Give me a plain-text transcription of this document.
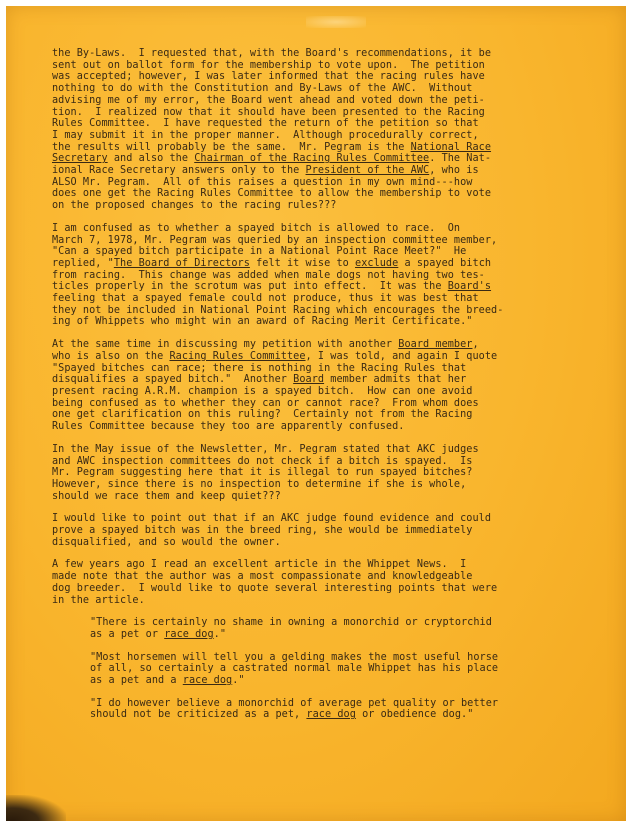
the By-Laws.  I requested that, with the Board's recommendations, it be
sent out on ballot form for the membership to vote upon.  The petition
was accepted; however, I was later informed that the racing rules have
nothing to do with the Constitution and By-Laws of the AWC.  Without
advising me of my error, the Board went ahead and voted down the peti-
tion.  I realized now that it should have been presented to the Racing
Rules Committee.  I have requested the return of the petition so that
I may submit it in the proper manner.  Although procedurally correct,
the results will probably be the same.  Mr. Pegram is the National Race
Secretary and also the Chairman of the Racing Rules Committee. The Nat-
ional Race Secretary answers only to the President of the AWC, who is
ALSO Mr. Pegram.  All of this raises a question in my own mind---how
does one get the Racing Rules Committee to allow the membership to vote
on the proposed changes to the racing rules???
I am confused as to whether a spayed bitch is allowed to race.  On
March 7, 1978, Mr. Pegram was queried by an inspection committee member,
"Can a spayed bitch participate in a National Point Race Meet?"  He
replied, "The Board of Directors felt it wise to exclude a spayed bitch
from racing.  This change was added when male dogs not having two tes-
ticles properly in the scrotum was put into effect.  It was the Board's
feeling that a spayed female could not produce, thus it was best that
they not be included in National Point Racing which encourages the breed-
ing of Whippets who might win an award of Racing Merit Certificate."
At the same time in discussing my petition with another Board member,
who is also on the Racing Rules Committee, I was told, and again I quote
"Spayed bitches can race; there is nothing in the Racing Rules that
disqualifies a spayed bitch."  Another Board member admits that her
present racing A.R.M. champion is a spayed bitch.  How can one avoid
being confused as to whether they can or cannot race?  From whom does
one get clarification on this ruling?  Certainly not from the Racing
Rules Committee because they too are apparently confused.
In the May issue of the Newsletter, Mr. Pegram stated that AKC judges
and AWC inspection committees do not check if a bitch is spayed.  Is
Mr. Pegram suggesting here that it is illegal to run spayed bitches?
However, since there is no inspection to determine if she is whole,
should we race them and keep quiet???
I would like to point out that if an AKC judge found evidence and could
prove a spayed bitch was in the breed ring, she would be immediately
disqualified, and so would the owner.
A few years ago I read an excellent article in the Whippet News.  I
made note that the author was a most compassionate and knowledgeable
dog breeder.  I would like to quote several interesting points that were
in the article.
"There is certainly no shame in owning a monorchid or cryptorchid
as a pet or race dog."
"Most horsemen will tell you a gelding makes the most useful horse
of all, so certainly a castrated normal male Whippet has his place
as a pet and a race dog."
"I do however believe a monorchid of average pet quality or better
should not be criticized as a pet, race dog or obedience dog."
